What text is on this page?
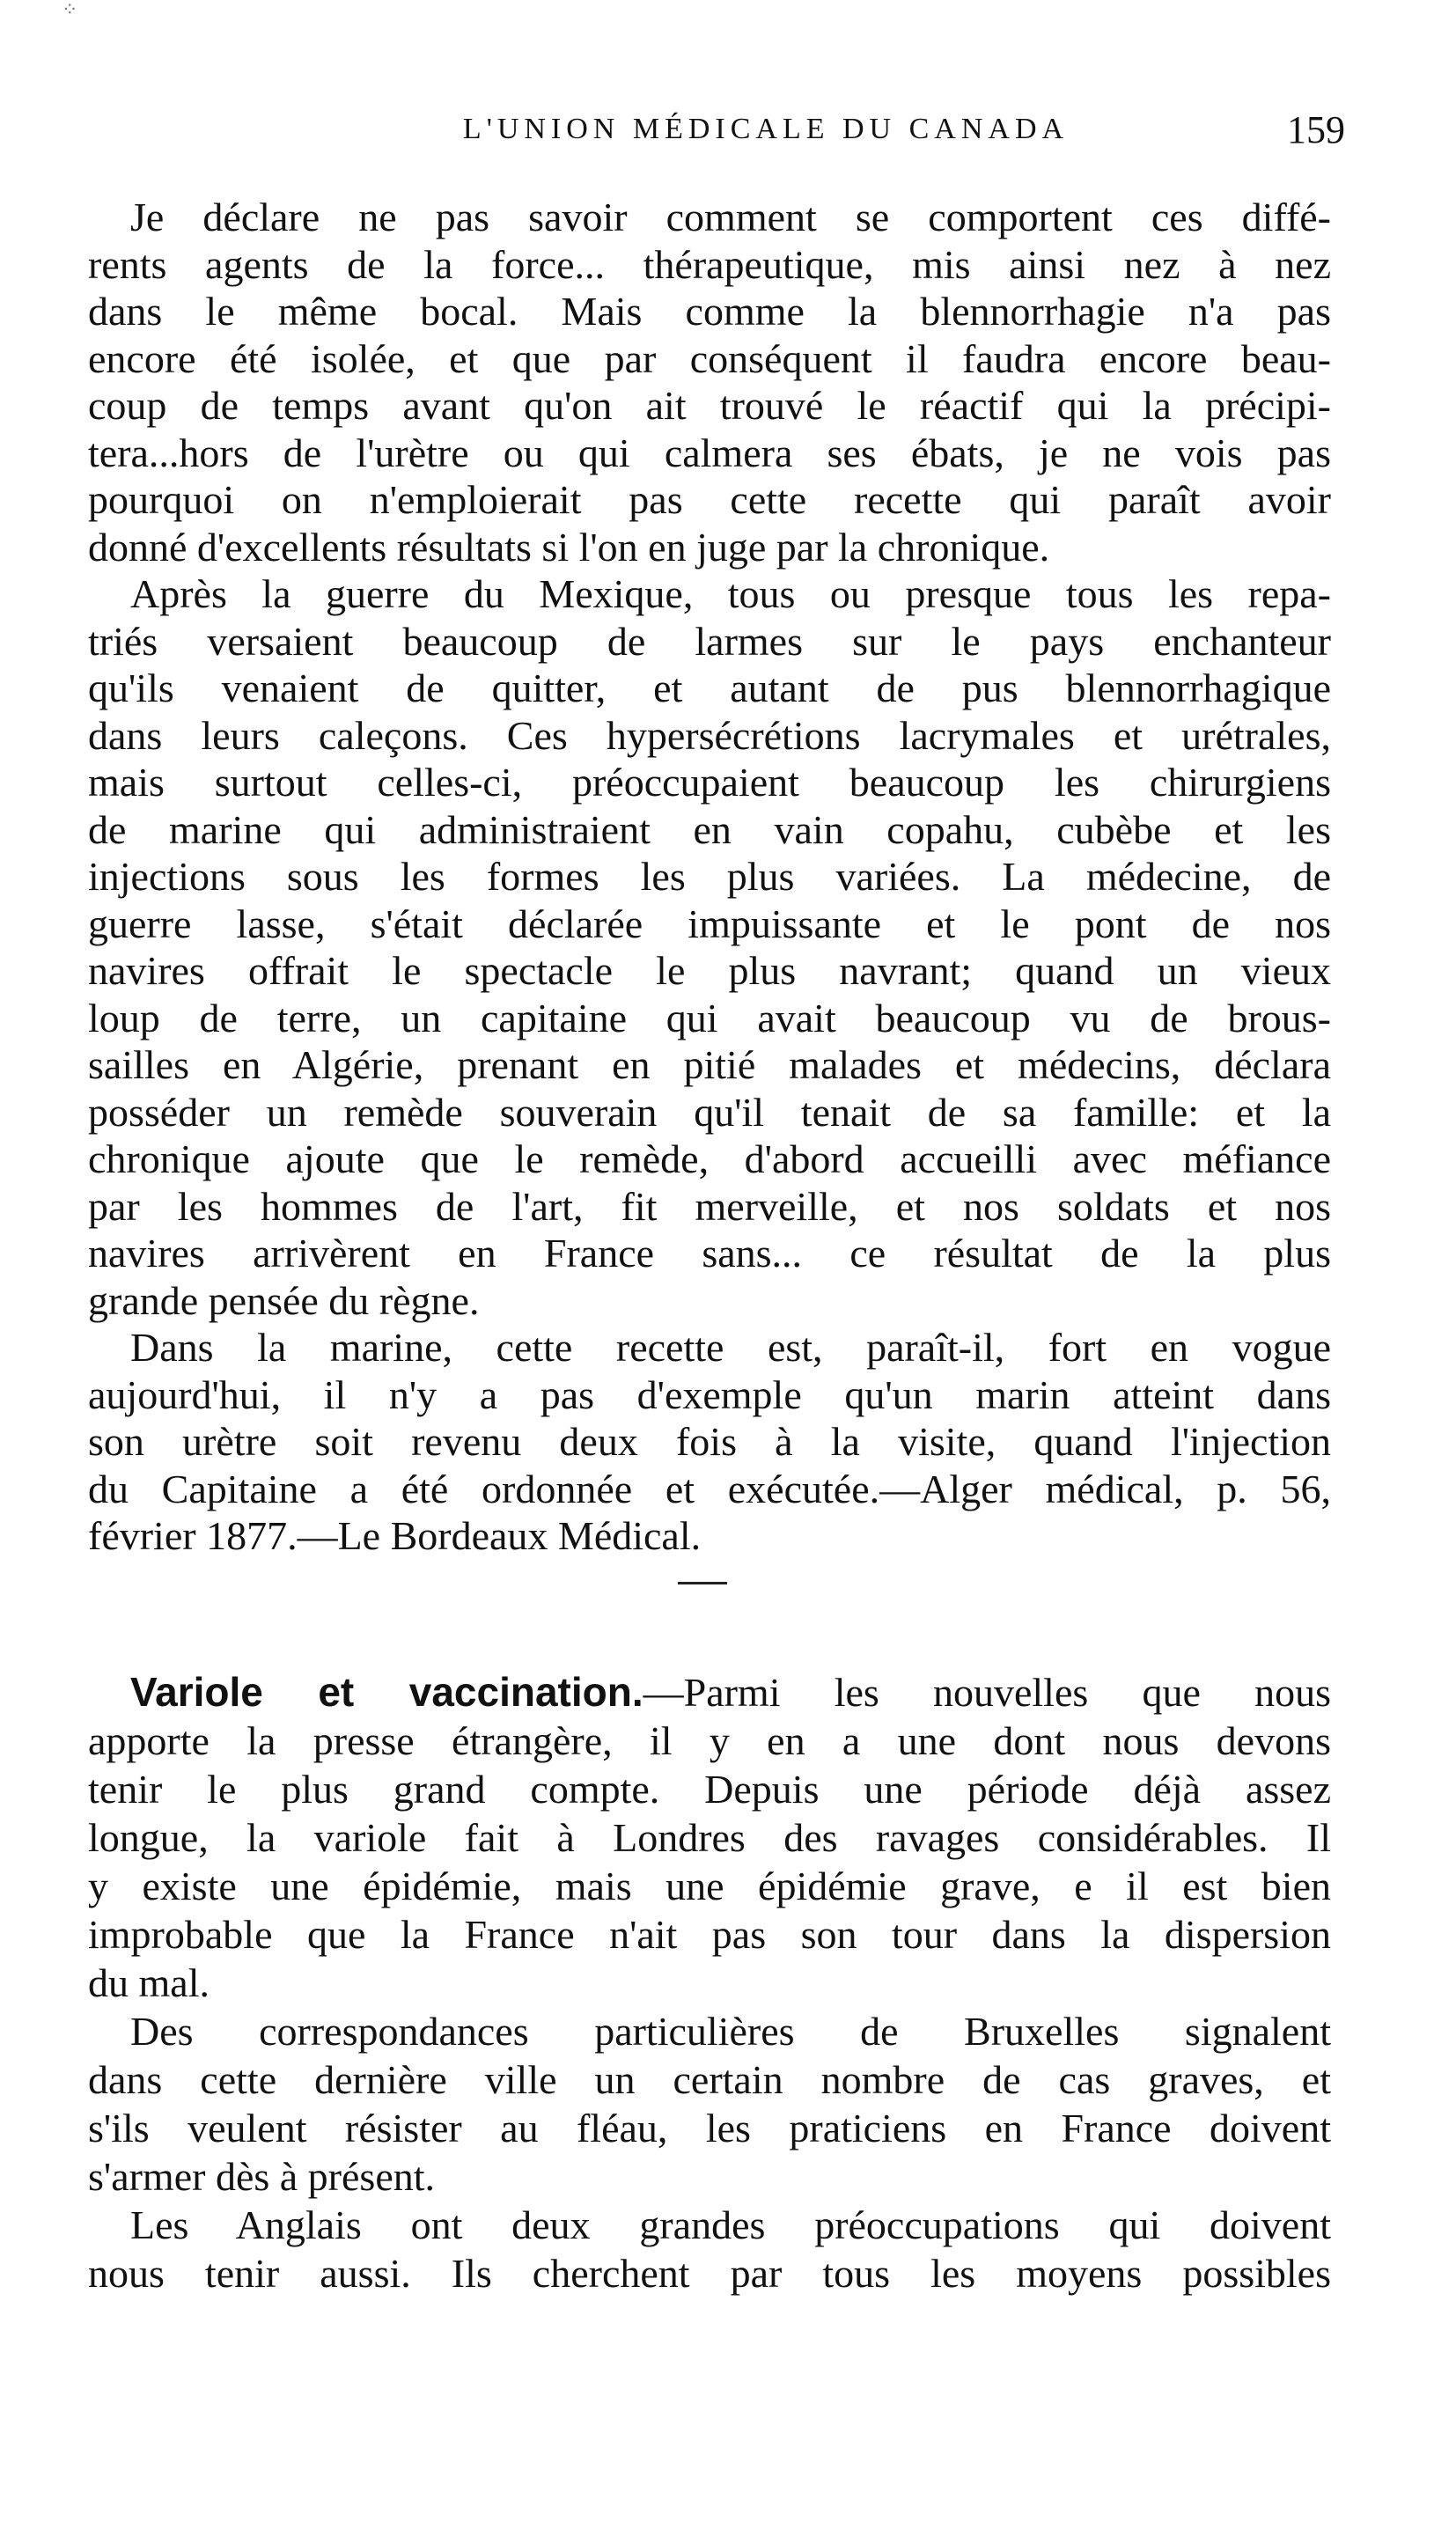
⁘
L'UNION MÉDICALE DU CANADA	159
Je déclare ne pas savoir comment se comportent ces diffé-
rents agents de la force... thérapeutique, mis ainsi nez à nez
dans le même bocal. Mais comme la blennorrhagie n'a pas
encore été isolée, et que par conséquent il faudra encore beau-
coup de temps avant qu'on ait trouvé le réactif qui la précipi-
tera...hors de l'urètre ou qui calmera ses ébats, je ne vois pas
pourquoi on n'emploierait pas cette recette qui paraît avoir
donné d'excellents résultats si l'on en juge par la chronique.
Après la guerre du Mexique, tous ou presque tous les repa-
triés versaient beaucoup de larmes sur le pays enchanteur
qu'ils venaient de quitter, et autant de pus blennorrhagique
dans leurs caleçons. Ces hypersécrétions lacrymales et urétrales,
mais surtout celles-ci, préoccupaient beaucoup les chirurgiens
de marine qui administraient en vain copahu, cubèbe et les
injections sous les formes les plus variées. La médecine, de
guerre lasse, s'était déclarée impuissante et le pont de nos
navires offrait le spectacle le plus navrant; quand un vieux
loup de terre, un capitaine qui avait beaucoup vu de brous-
sailles en Algérie, prenant en pitié malades et médecins, déclara
posséder un remède souverain qu'il tenait de sa famille: et la
chronique ajoute que le remède, d'abord accueilli avec méfiance
par les hommes de l'art, fit merveille, et nos soldats et nos
navires arrivèrent en France sans... ce résultat de la plus
grande pensée du règne.
Dans la marine, cette recette est, paraît-il, fort en vogue
aujourd'hui, il n'y a pas d'exemple qu'un marin atteint dans
son urètre soit revenu deux fois à la visite, quand l'injection
du Capitaine a été ordonnée et exécutée.—Alger médical, p. 56,
février 1877.—Le Bordeaux Médical.
Variole et vaccination.—Parmi les nouvelles que nous
apporte la presse étrangère, il y en a une dont nous devons
tenir le plus grand compte. Depuis une période déjà assez
longue, la variole fait à Londres des ravages considérables. Il
y existe une épidémie, mais une épidémie grave, e il est bien
improbable que la France n'ait pas son tour dans la dispersion
du mal.
Des correspondances particulières de Bruxelles signalent
dans cette dernière ville un certain nombre de cas graves, et
s'ils veulent résister au fléau, les praticiens en France doivent
s'armer dès à présent.
Les Anglais ont deux grandes préoccupations qui doivent
nous tenir aussi. Ils cherchent par tous les moyens possibles
